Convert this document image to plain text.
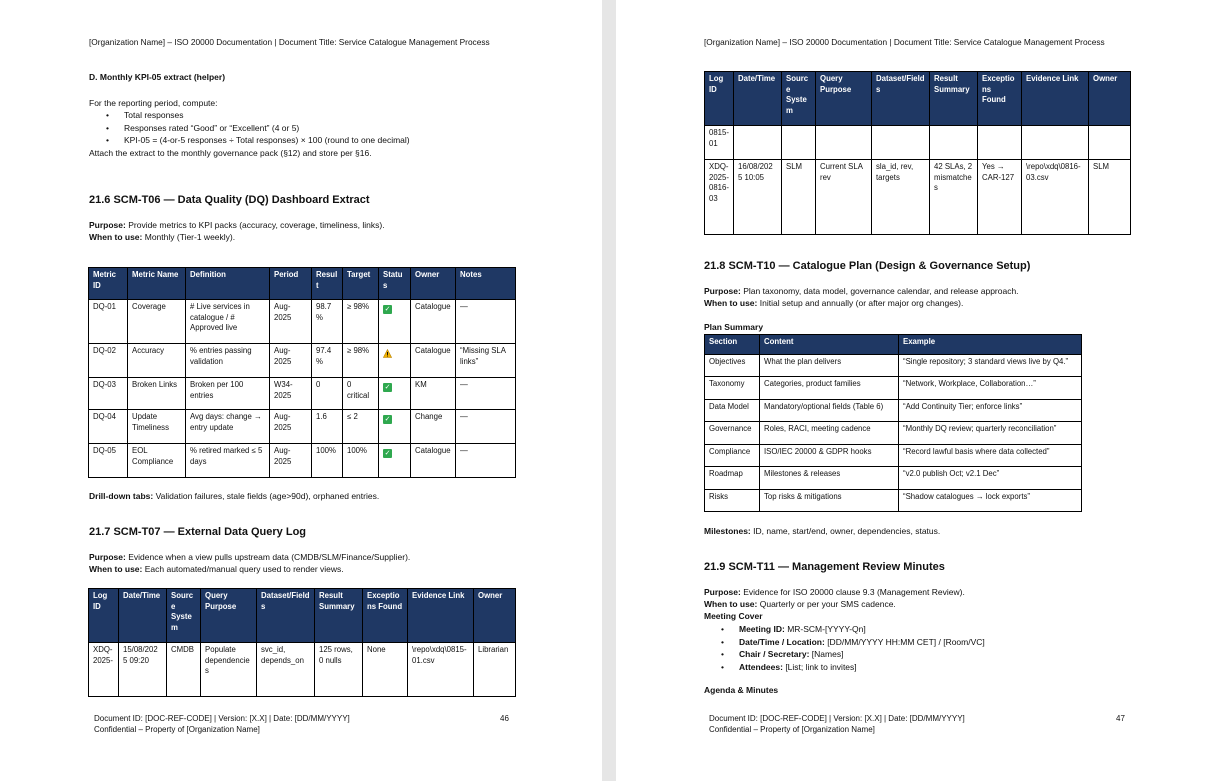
[Organization Name] – ISO 20000 Documentation | Document Title: Service Catalogue Management Process
D. Monthly KPI-05 extract (helper)
For the reporting period, compute:
• Total responses
• Responses rated “Good” or “Excellent” (4 or 5)
• KPI-05 = (4-or-5 responses ÷ Total responses) × 100 (round to one decimal)
Attach the extract to the monthly governance pack (§12) and store per §16.
21.6 SCM-T06 — Data Quality (DQ) Dashboard Extract
Purpose: Provide metrics to KPI packs (accuracy, coverage, timeliness, links).
When to use: Monthly (Tier-1 weekly).
Metric ID	Metric Name	Definition	Period	Result	Target	Status	Owner	Notes
DQ-01	Coverage	# Live services in catalogue / # Approved live	Aug-2025	98.7%	≥ 98%	✓	Catalogue	—
DQ-02	Accuracy	% entries passing validation	Aug-2025	97.4%	≥ 98%		Catalogue	“Missing SLA links”
DQ-03	Broken Links	Broken per 100 entries	W34-2025	0	0 critical	✓	KM	—
DQ-04	Update Timeliness	Avg days: change → entry update	Aug-2025	1.6	≤ 2	✓	Change	—
DQ-05	EOL Compliance	% retired marked ≤ 5 days	Aug-2025	100%	100%	✓	Catalogue	—
Drill-down tabs: Validation failures, stale fields (age>90d), orphaned entries.
21.7 SCM-T07 — External Data Query Log
Purpose: Evidence when a view pulls upstream data (CMDB/SLM/Finance/Supplier).
When to use: Each automated/manual query used to render views.
Log ID	Date/Time	Source System	Query Purpose	Dataset/Fields	Result Summary	Exceptions Found	Evidence Link	Owner
XDQ-2025-	15/08/2025 09:20	CMDB	Populate dependencies	svc_id, depends_on	125 rows, 0 nulls	None	\repo\xdq\0815-01.csv	Librarian
Document ID: [DOC-REF-CODE] | Version: [X.X] | Date: [DD/MM/YYYY]
Confidential – Property of [Organization Name]
46
[Organization Name] – ISO 20000 Documentation | Document Title: Service Catalogue Management Process
Log ID	Date/Time	Source System	Query Purpose	Dataset/Fields	Result Summary	Exceptions Found	Evidence Link	Owner
0815-01								
XDQ-2025-0816-03	16/08/2025 10:05	SLM	Current SLA rev	sla_id, rev, targets	42 SLAs, 2 mismatches	Yes → CAR-127	\repo\xdq\0816-03.csv	SLM
21.8 SCM-T10 — Catalogue Plan (Design & Governance Setup)
Purpose: Plan taxonomy, data model, governance calendar, and release approach.
When to use: Initial setup and annually (or after major org changes).
Plan Summary
Section	Content	Example
Objectives	What the plan delivers	“Single repository; 3 standard views live by Q4.”
Taxonomy	Categories, product families	“Network, Workplace, Collaboration…”
Data Model	Mandatory/optional fields (Table 6)	“Add Continuity Tier; enforce links”
Governance	Roles, RACI, meeting cadence	“Monthly DQ review; quarterly reconciliation”
Compliance	ISO/IEC 20000 & GDPR hooks	“Record lawful basis where data collected”
Roadmap	Milestones & releases	“v2.0 publish Oct; v2.1 Dec”
Risks	Top risks & mitigations	“Shadow catalogues → lock exports”
Milestones: ID, name, start/end, owner, dependencies, status.
21.9 SCM-T11 — Management Review Minutes
Purpose: Evidence for ISO 20000 clause 9.3 (Management Review).
When to use: Quarterly or per your SMS cadence.
Meeting Cover
• Meeting ID: MR-SCM-[YYYY-Qn]
• Date/Time / Location: [DD/MM/YYYY HH:MM CET] / [Room/VC]
• Chair / Secretary: [Names]
• Attendees: [List; link to invites]
Agenda & Minutes
Document ID: [DOC-REF-CODE] | Version: [X.X] | Date: [DD/MM/YYYY]
Confidential – Property of [Organization Name]
47
